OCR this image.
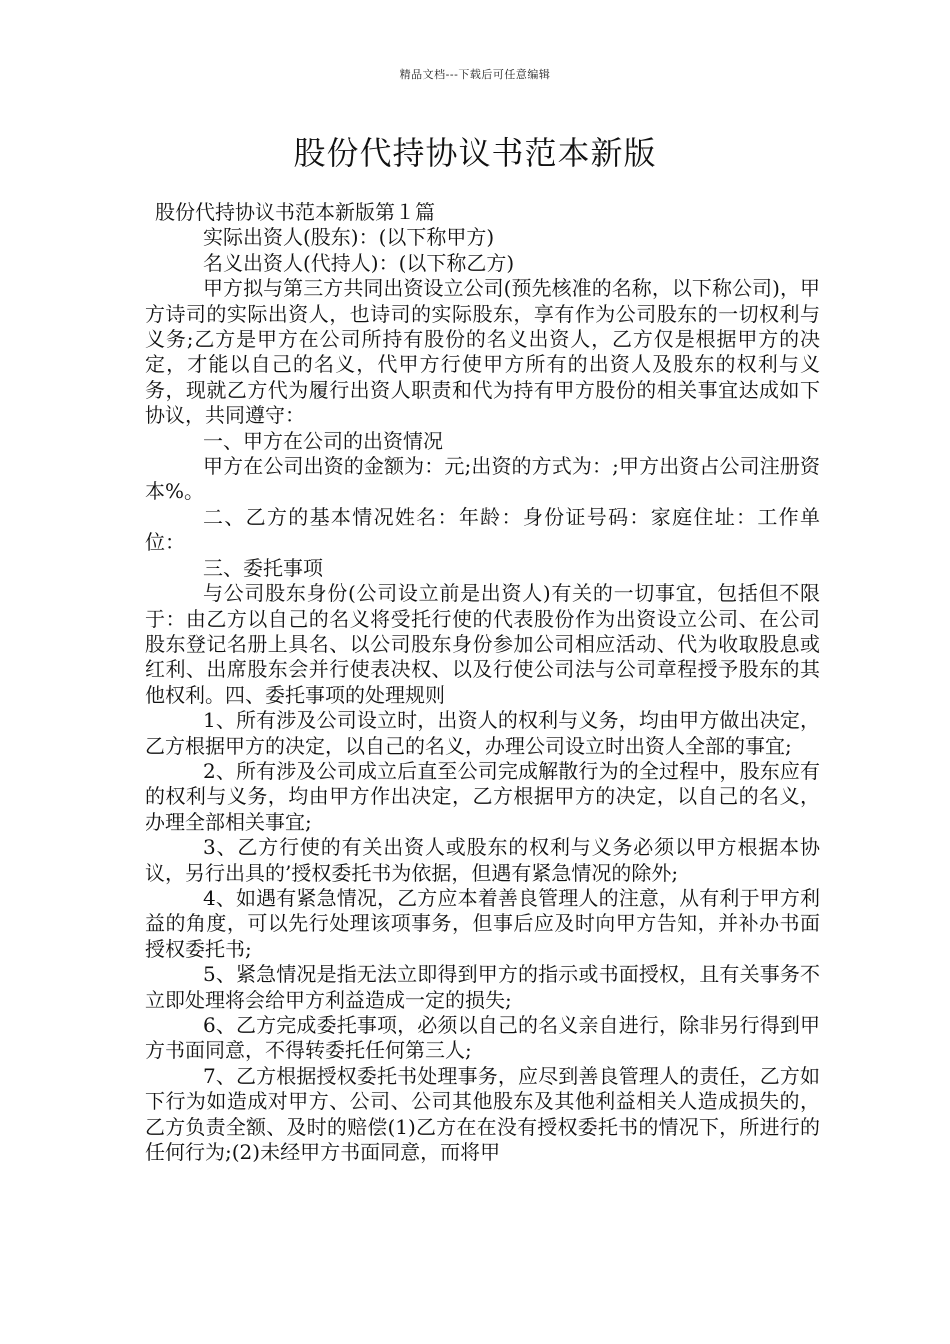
精品文档---下载后可任意编辑
股份代持协议书范本新版

股份代持协议书范本新版第１篇

实际出资人(股东)：(以下称甲方)

名义出资人(代持人)：(以下称乙方)

甲方拟与第三方共同出资设立公司(预先核准的名称，以下称公司)，甲方诗司的实际出资人，也诗司的实际股东，享有作为公司股东的一切权利与义务;乙方是甲方在公司所持有股份的名义出资人，乙方仅是根据甲方的决定，才能以自己的名义，代甲方行使甲方所有的出资人及股东的权利与义务，现就乙方代为履行出资人职责和代为持有甲方股份的相关事宜达成如下协议，共同遵守：

一、甲方在公司的出资情况

甲方在公司出资的金额为：元;出资的方式为：;甲方出资占公司注册资本%。

二、乙方的基本情况姓名：年龄：身份证号码：家庭住址：工作单位：

三、委托事项

与公司股东身份(公司设立前是出资人)有关的一切事宜，包括但不限于：由乙方以自己的名义将受托行使的代表股份作为出资设立公司、在公司股东登记名册上具名、以公司股东身份参加公司相应活动、代为收取股息或红利、出席股东会并行使表决权、以及行使公司法与公司章程授予股东的其他权利。四、委托事项的处理规则

1、所有涉及公司设立时，出资人的权利与义务，均由甲方做出决定，乙方根据甲方的决定，以自己的名义，办理公司设立时出资人全部的事宜;

2、所有涉及公司成立后直至公司完成解散行为的全过程中，股东应有的权利与义务，均由甲方作出决定，乙方根据甲方的决定，以自己的名义，办理全部相关事宜;

3、乙方行使的有关出资人或股东的权利与义务必须以甲方根据本协议，另行出具的’授权委托书为依据，但遇有紧急情况的除外;

4、如遇有紧急情况，乙方应本着善良管理人的注意，从有利于甲方利益的角度，可以先行处理该项事务，但事后应及时向甲方告知，并补办书面授权委托书;

5、紧急情况是指无法立即得到甲方的指示或书面授权，且有关事务不立即处理将会给甲方利益造成一定的损失;

6、乙方完成委托事项，必须以自己的名义亲自进行，除非另行得到甲方书面同意，不得转委托任何第三人;

7、乙方根据授权委托书处理事务，应尽到善良管理人的责任，乙方如下行为如造成对甲方、公司、公司其他股东及其他利益相关人造成损失的，乙方负责全额、及时的赔偿(1)乙方在在没有授权委托书的情况下，所进行的任何行为;(2)未经甲方书面同意，而将甲
